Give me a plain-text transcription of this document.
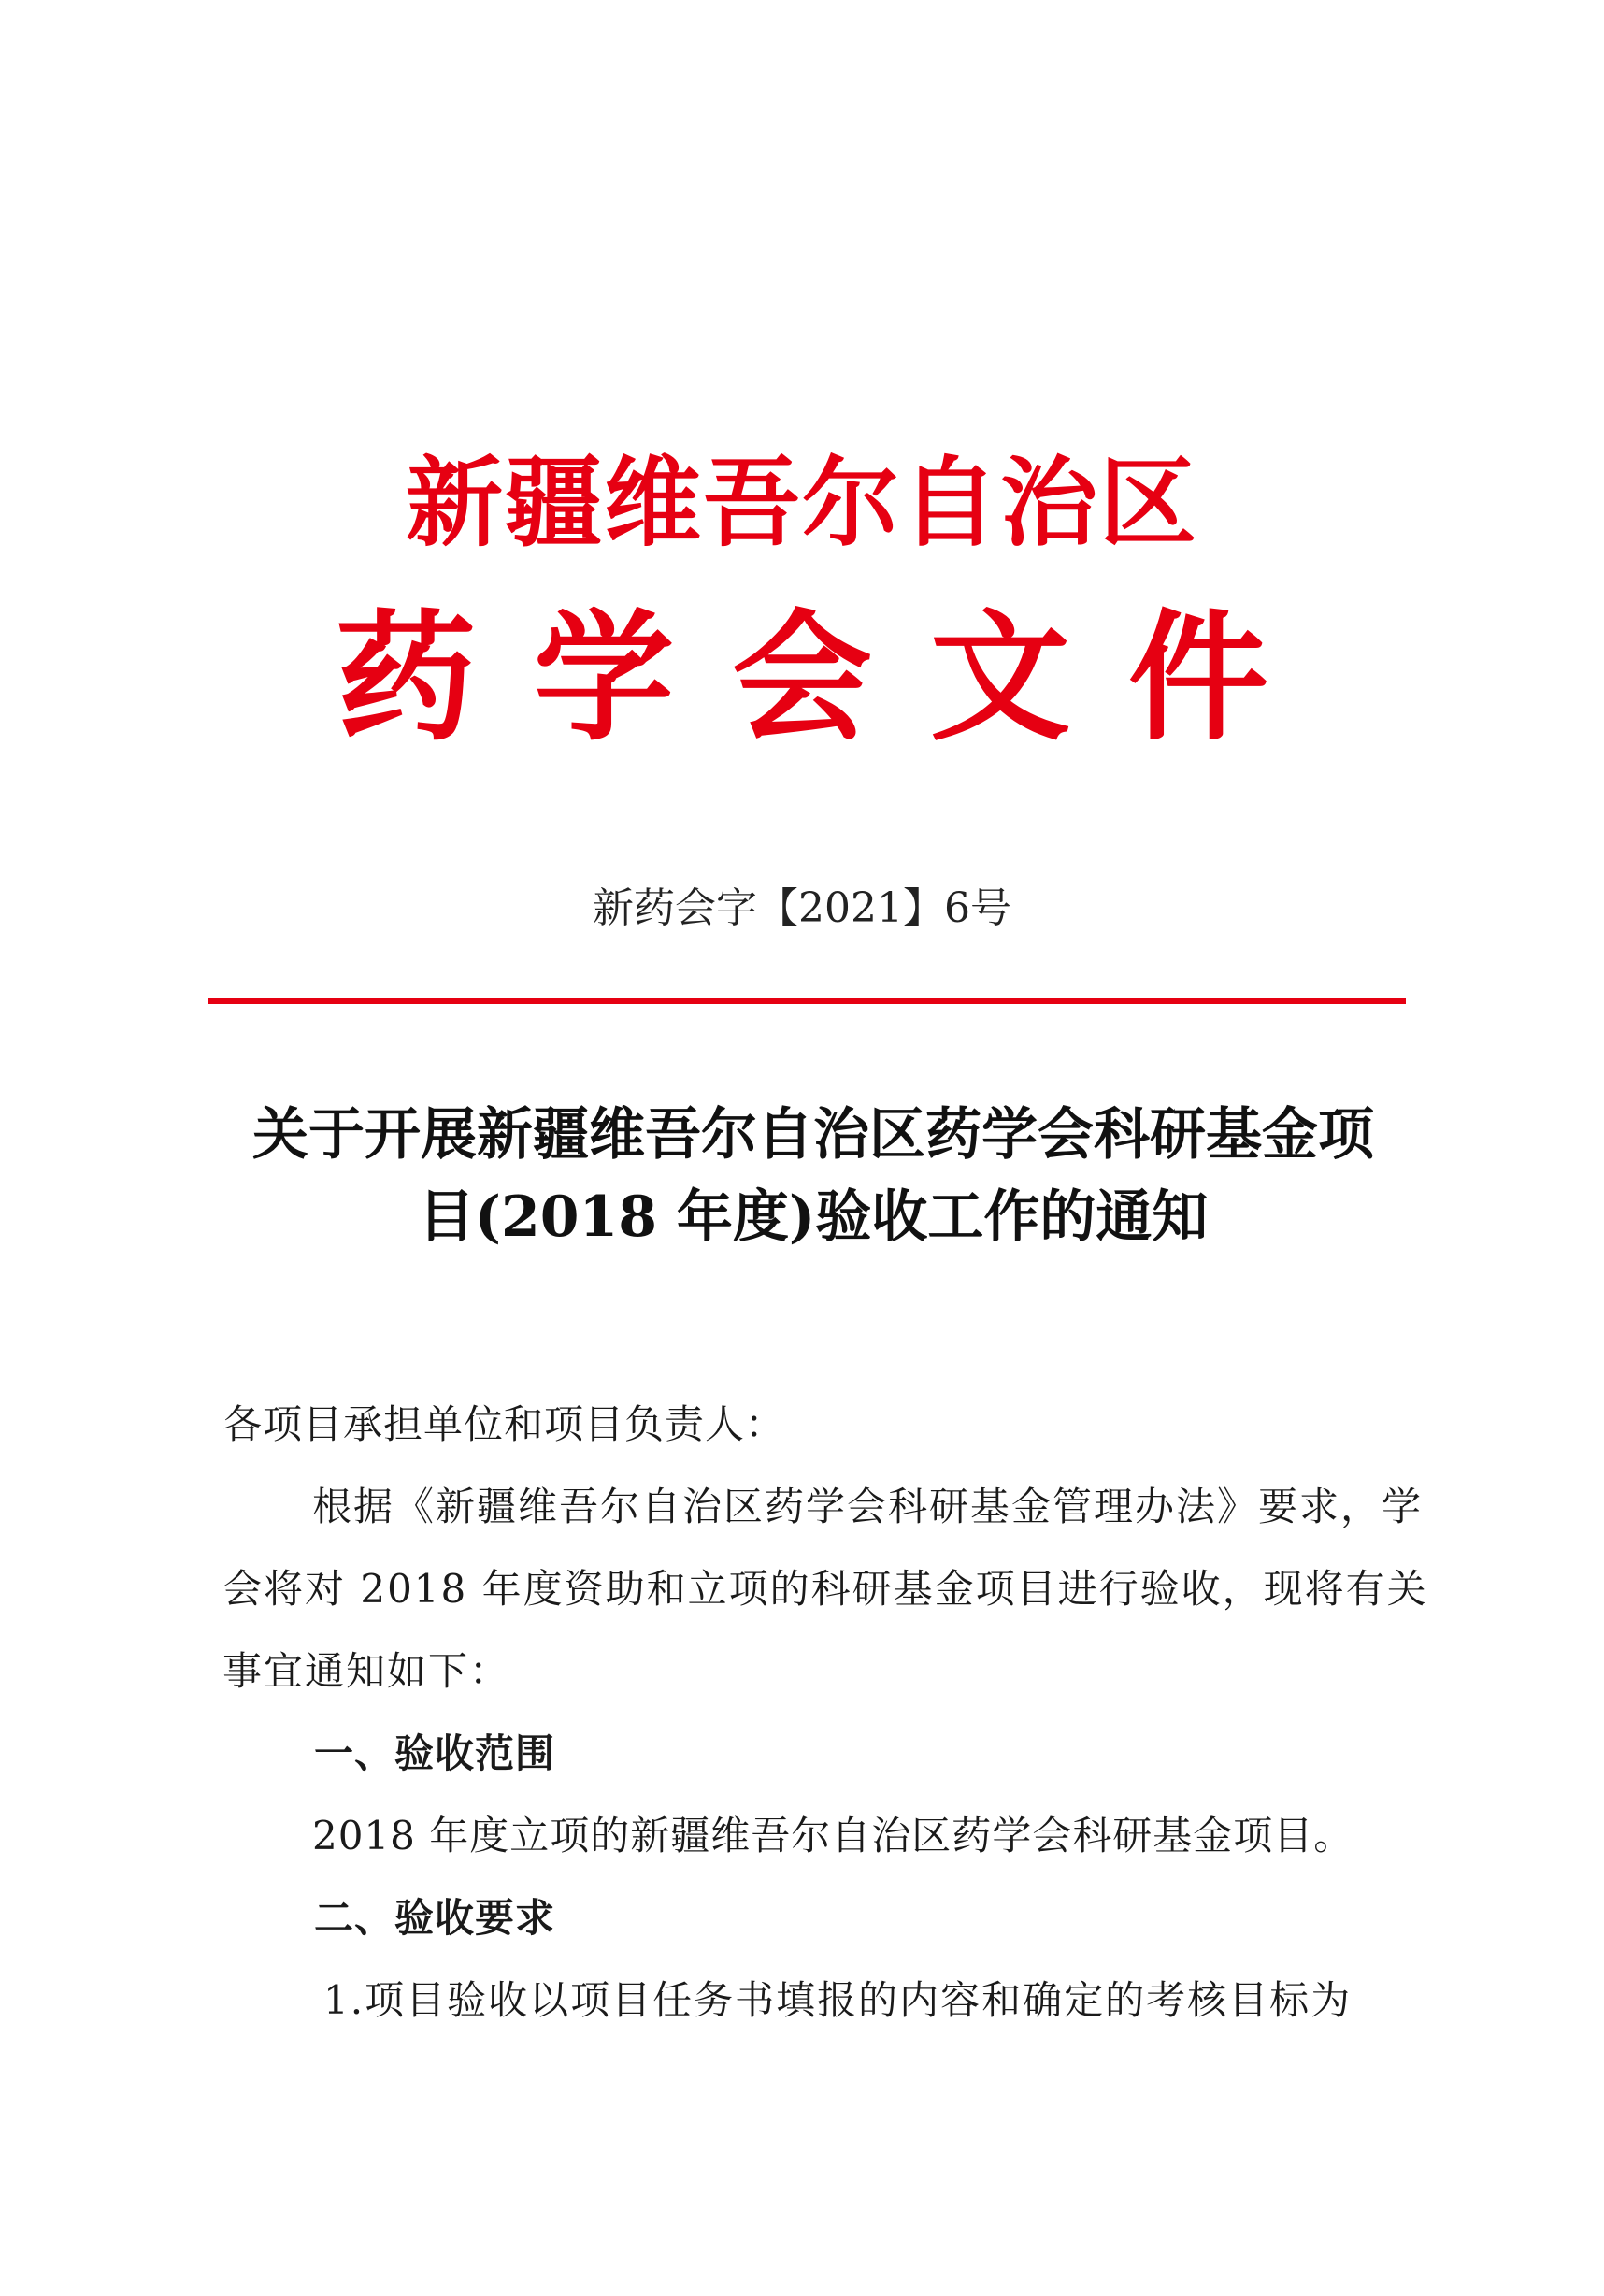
新疆维吾尔自治区
药学会文件
新药会字【2021】6号
关于开展新疆维吾尔自治区药学会科研基金项
目(2018 年度)验收工作的通知
各项目承担单位和项目负责人：
根据《新疆维吾尔自治区药学会科研基金管理办法》要求，学会将对 2018 年度资助和立项的科研基金项目进行验收，现将有关事宜通知如下：
一、验收范围
2018 年度立项的新疆维吾尔自治区药学会科研基金项目。
二、验收要求
1.项目验收以项目任务书填报的内容和确定的考核目标为
